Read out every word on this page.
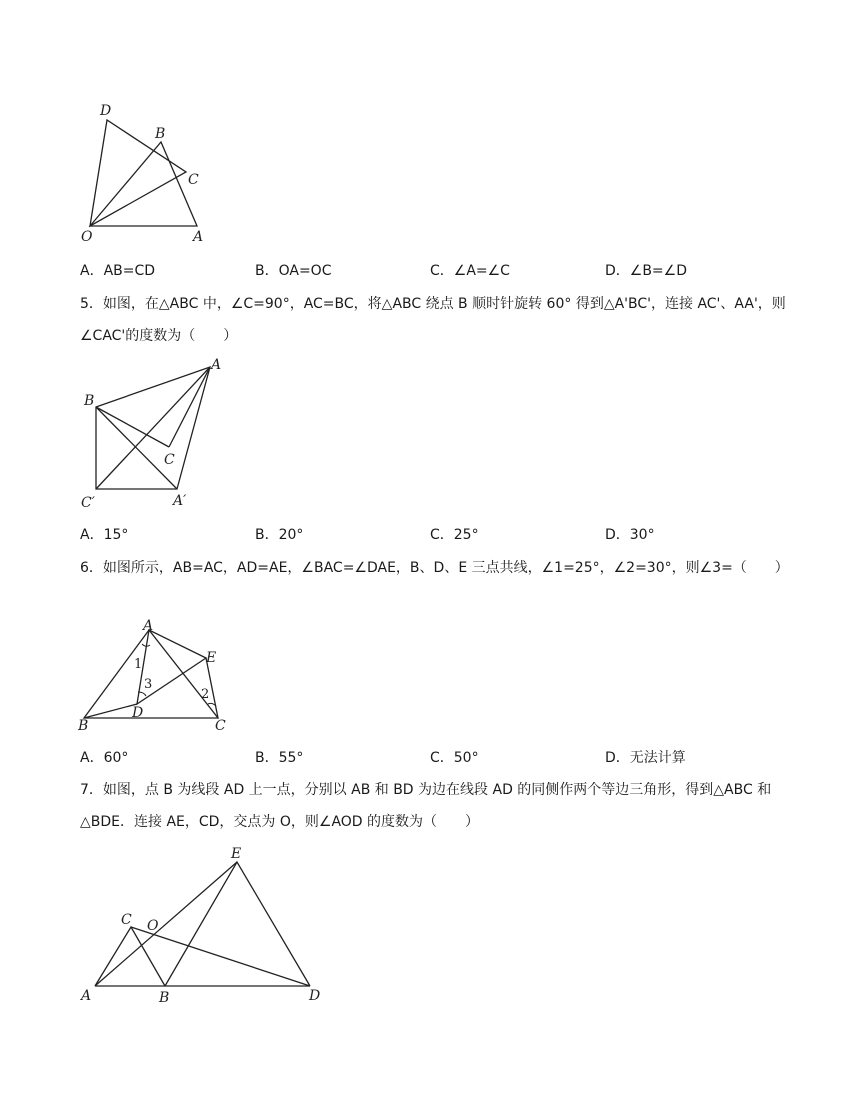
D
B
C
O	A
A．AB=CD	B．OA=OC	C．∠A=∠C	D．∠B=∠D

5．如图，在△ABC 中，∠C=90°，AC=BC，将△ABC 绕点 B 顺时针旋转 60° 得到△A'BC'，连接 AC'、AA'，则∠CAC'的度数为（　　）

A
B
C
C′	A′
A．15°	B．20°	C．25°	D．30°

6．如图所示，AB=AC，AD=AE，∠BAC=∠DAE，B、D、E 三点共线，∠1=25°，∠2=30°，则∠3=（　　）

A
E
D
B	C
1
3
2
A．60°	B．55°	C．50°	D．无法计算

7．如图，点 B 为线段 AD 上一点，分别以 AB 和 BD 为边在线段 AD 的同侧作两个等边三角形，得到△ABC 和△BDE．连接 AE，CD，交点为 O，则∠AOD 的度数为（　　）

E
C O
A	B	D
